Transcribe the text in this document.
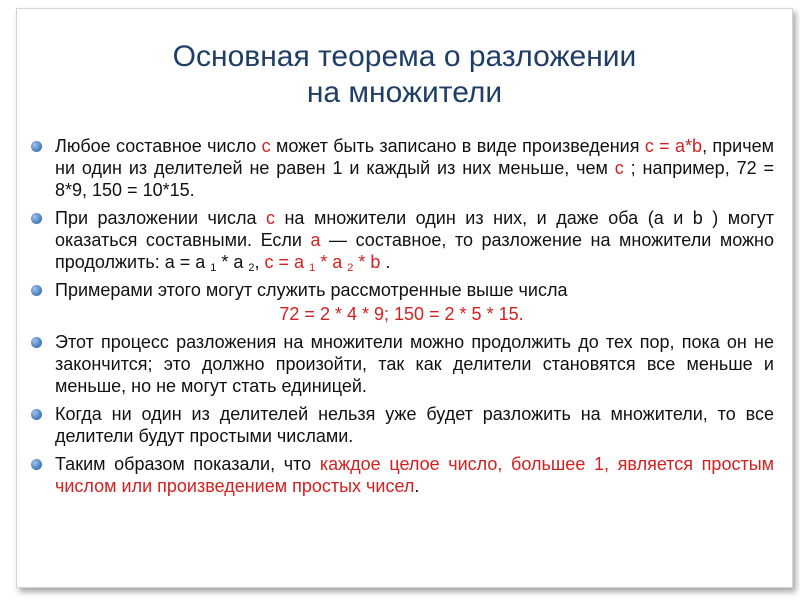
Основная теорема о разложении
на множители
Любое составное число с может быть записано в виде произведения с = а*b, причем ни один из делителей не равен 1 и каждый из них меньше, чем с ; например, 72 = 8*9, 150 = 10*15.
При разложении числа с на множители один из них, и даже оба (a и b ) могут оказаться составными. Если а — составное, то разложение на множители можно продолжить: а = а $_1$ * а $_2$, с = а $_1$ * а $_2$ * b .
Примерами этого могут служить рассмотренные выше числа
72 = 2 * 4 * 9; 150 = 2 * 5 * 15.
Этот процесс разложения на множители можно продолжить до тех пор, пока он не закончится; это должно произойти, так как делители становятся все меньше и меньше, но не могут стать единицей.
Когда ни один из делителей нельзя уже будет разложить на множители, то все делители будут простыми числами.
Таким образом показали, что каждое целое число, большее 1, является простым числом или произведением простых чисел.
